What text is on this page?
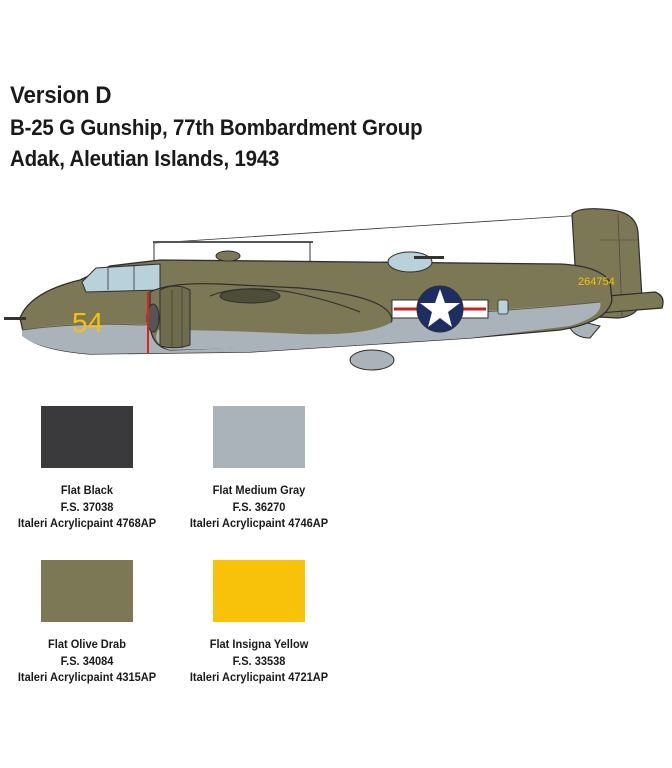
Version D
B-25 G Gunship, 77th Bombardment Group
Adak, Aleutian Islands, 1943
54
264754
Flat Black
F.S. 37038
Italeri Acrylicpaint 4768AP
Flat Medium Gray
F.S. 36270
Italeri Acrylicpaint 4746AP
Flat Olive Drab
F.S. 34084
Italeri Acrylicpaint 4315AP
Flat Insigna Yellow
F.S. 33538
Italeri Acrylicpaint 4721AP
